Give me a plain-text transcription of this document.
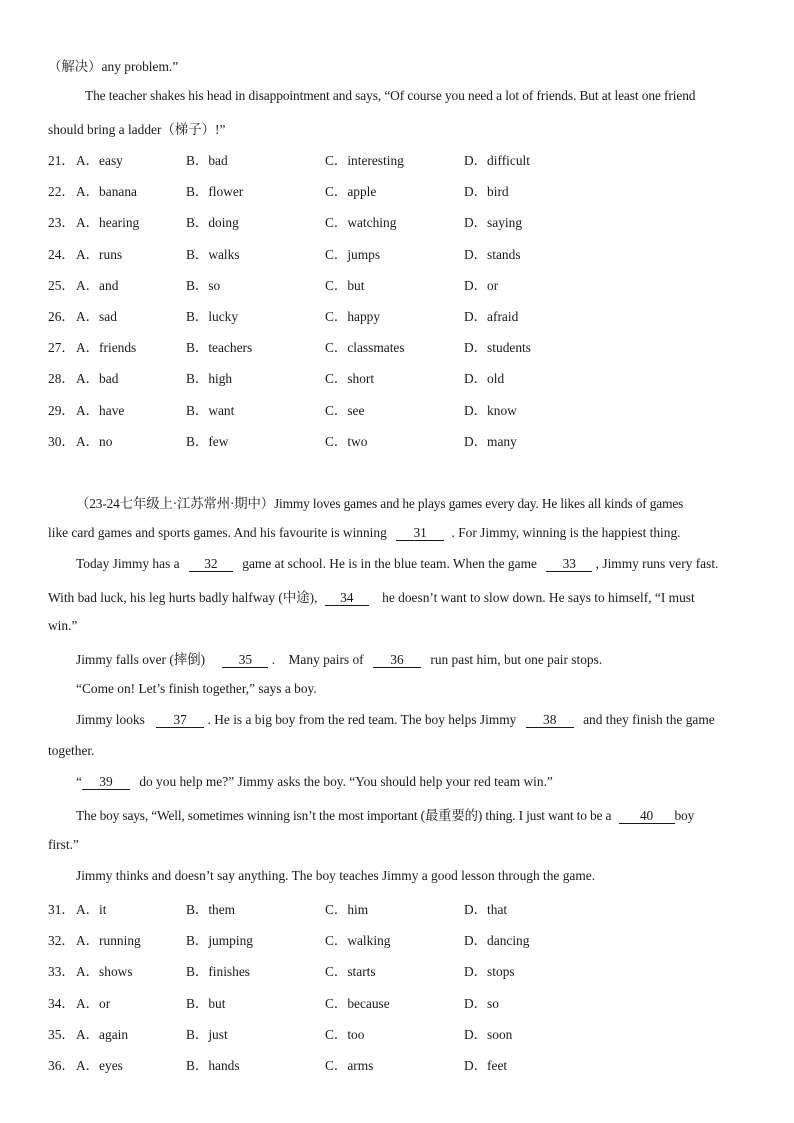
（解决）any problem.”
The teacher shakes his head in disappointment and says, “Of course you need a lot of friends. But at least one friend
should bring a ladder（梯子）!”
21． A．easy	B．bad	C．interesting	D．difficult
22． A．banana	B．flower	C．apple	D．bird
23． A．hearing	B．doing	C．watching	D．saying
24． A．runs	B．walks	C．jumps	D．stands
25． A．and	B．so	C．but	D．or
26． A．sad	B．lucky	C．happy	D．afraid
27． A．friends	B．teachers	C．classmates	D．students
28． A．bad	B．high	C．short	D．old
29． A．have	B．want	C．see	D．know
30． A．no	B．few	C．two	D．many
（23-24七年级上·江苏常州·期中）Jimmy loves games and he plays games every day. He likes all kinds of games
like card games and sports games. And his favourite is winning 31 . For Jimmy, winning is the happiest thing.
Today Jimmy has a 32 game at school. He is in the blue team. When the game 33 , Jimmy runs very fast.
With bad luck, his leg hurts badly halfway (中途), 34 he doesn’t want to slow down. He says to himself, “I must
win.”
Jimmy falls over (摔倒)	35 .    Many pairs of 36 run past him, but one pair stops.
“Come on! Let’s finish together,” says a boy.
Jimmy looks 37 . He is a big boy from the red team. The boy helps Jimmy 38 and they finish the game
together.
“ 39 do you help me?” Jimmy asks the boy. “You should help your red team win.”
The boy says, “Well, sometimes winning isn’t the most important (最重要的) thing. I just want to be a 40 boy
first.”
Jimmy thinks and doesn’t say anything. The boy teaches Jimmy a good lesson through the game.
31． A．it	B．them	C．him	D．that
32． A．running	B．jumping	C．walking	D．dancing
33． A．shows	B．finishes	C．starts	D．stops
34． A．or	B．but	C．because	D．so
35． A．again	B．just	C．too	D．soon
36． A．eyes	B．hands	C．arms	D．feet
